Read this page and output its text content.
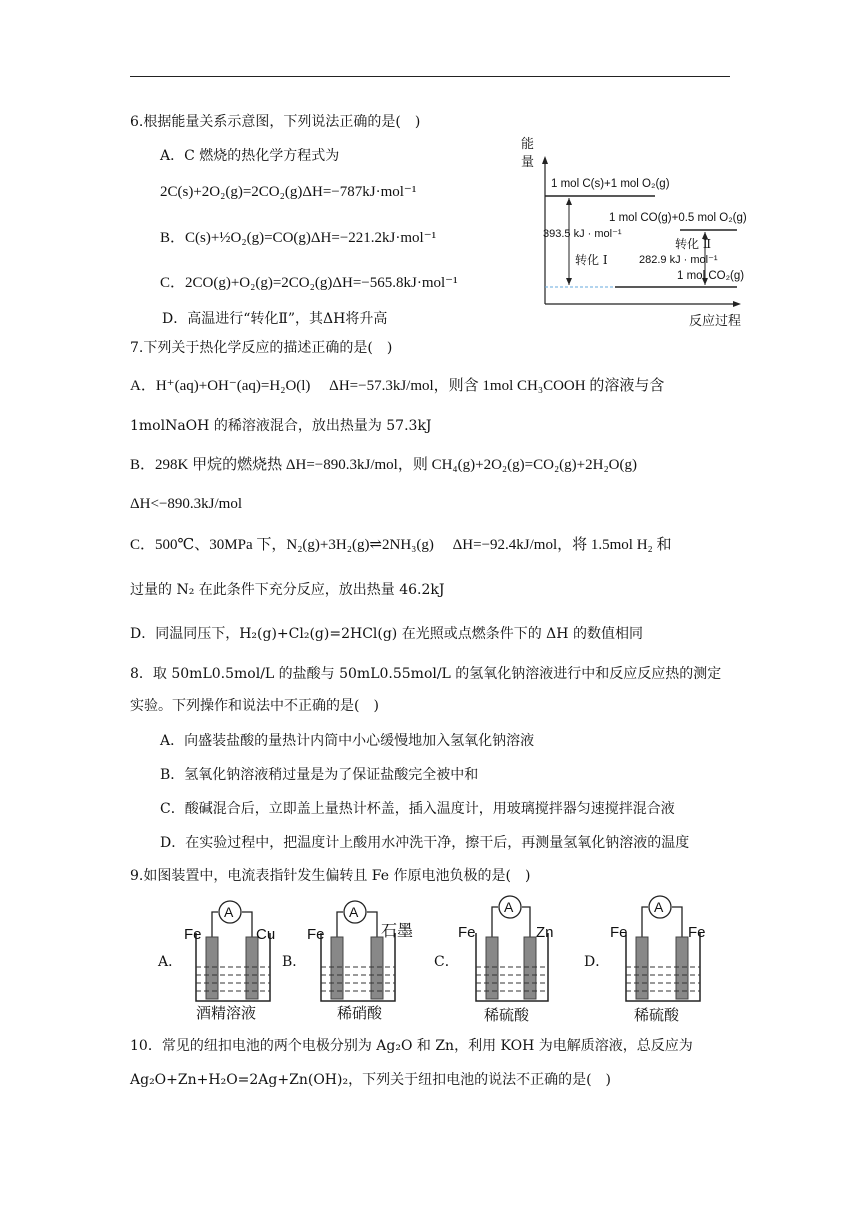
6.根据能量关系示意图，下列说法正确的是(　)
A．C 燃烧的热化学方程式为
2C(s)+2O₂(g)=2CO₂(g)ΔH=−787kJ·mol⁻¹
B．C(s)+½O₂(g)=CO(g)ΔH=−221.2kJ·mol⁻¹
C．2CO(g)+O₂(g)=2CO₂(g)ΔH=−565.8kJ·mol⁻¹
D．高温进行“转化Ⅱ”，其ΔH将升高
能量
反应过程
1 mol C(s)+1 mol O₂(g)
1 mol CO(g)+0.5 mol O₂(g)
1 mol CO₂(g)
393.5 kJ · mol⁻¹
282.9 kJ · mol⁻¹
转化 Ⅰ
转化 Ⅱ
7.下列关于热化学反应的描述正确的是(　)
A．H⁺(aq)+OH⁻(aq)=H₂O(l)　 ΔH=−57.3kJ/mol，则含 1mol CH₃COOH 的溶液与含
1molNaOH 的稀溶液混合，放出热量为 57.3kJ
B．298K 甲烷的燃烧热 ΔH=−890.3kJ/mol，则 CH₄(g)+2O₂(g)=CO₂(g)+2H₂O(g)
ΔH<−890.3kJ/mol
C．500℃、30MPa 下，N₂(g)+3H₂(g)⇌2NH₃(g)　 ΔH=−92.4kJ/mol，将 1.5mol H₂ 和
过量的 N₂ 在此条件下充分反应，放出热量 46.2kJ
D．同温同压下，H₂(g)+Cl₂(g)=2HCl(g) 在光照或点燃条件下的 ΔH 的数值相同
8．取 50mL0.5mol/L 的盐酸与 50mL0.55mol/L 的氢氧化钠溶液进行中和反应反应热的测定
实验。下列操作和说法中不正确的是(　)
A．向盛装盐酸的量热计内筒中小心缓慢地加入氢氧化钠溶液
B．氢氧化钠溶液稍过量是为了保证盐酸完全被中和
C．酸碱混合后，立即盖上量热计杯盖，插入温度计，用玻璃搅拌器匀速搅拌混合液
D．在实验过程中，把温度计上酸用水冲洗干净，擦干后，再测量氢氧化钠溶液的温度
9.如图装置中，电流表指针发生偏转且 Fe 作原电池负极的是(　)
A．	B．	C．	D．
A
Fe	Cu
酒精溶液
A
Fe	石墨
稀硝酸
A
Fe	Zn
稀硫酸
A
Fe	Fe
稀硫酸
10．常见的纽扣电池的两个电极分别为 Ag₂O 和 Zn，利用 KOH 为电解质溶液，总反应为
Ag₂O+Zn+H₂O=2Ag+Zn(OH)₂，下列关于纽扣电池的说法不正确的是(　)
